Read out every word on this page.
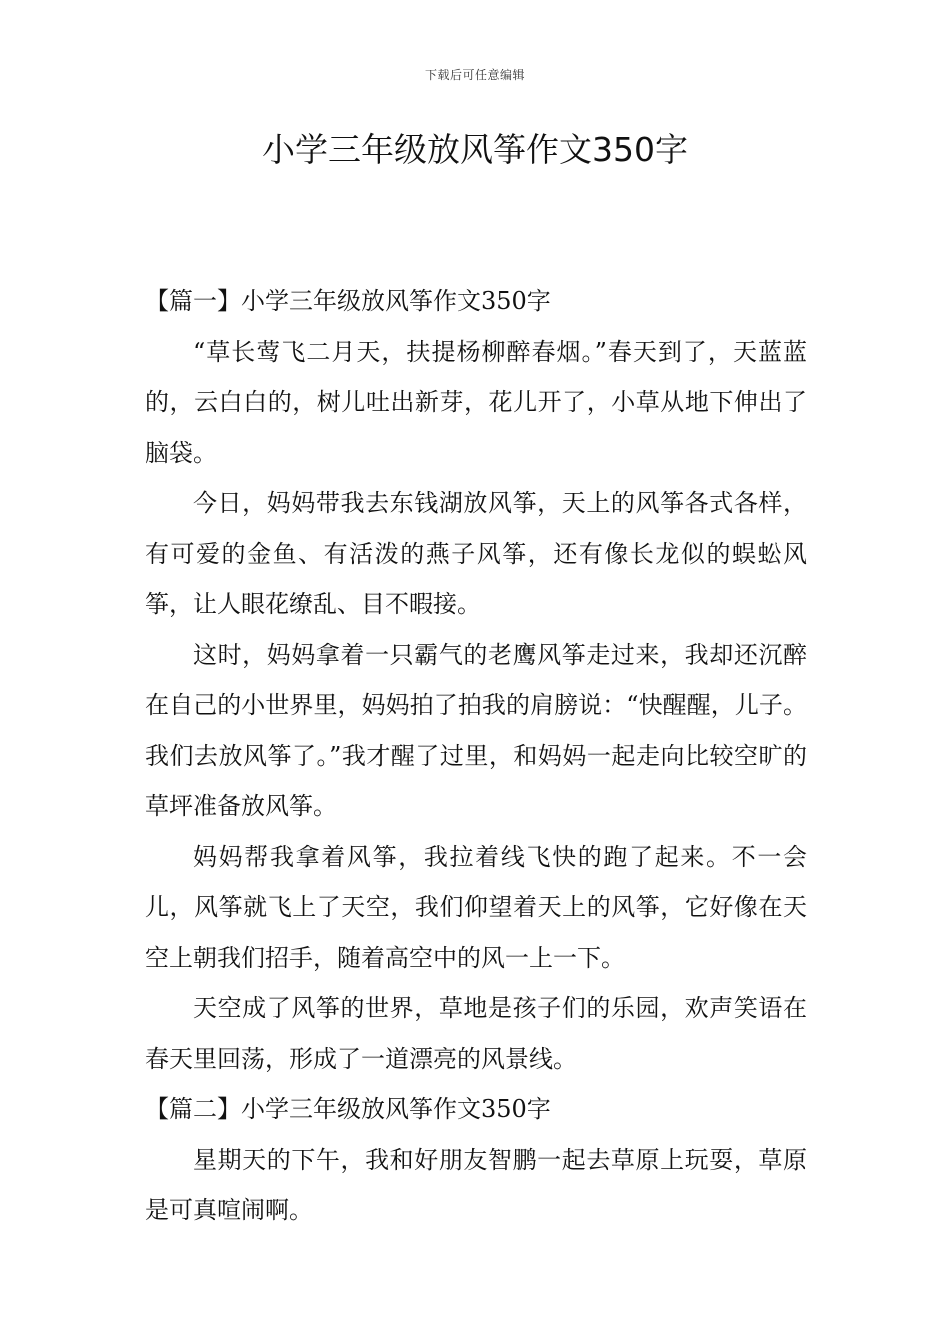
下载后可任意编辑
小学三年级放风筝作文350字

【篇一】小学三年级放风筝作文350字

“草长莺飞二月天，扶提杨柳醉春烟。”春天到了，天蓝蓝的，云白白的，树儿吐出新芽，花儿开了，小草从地下伸出了脑袋。

今日，妈妈带我去东钱湖放风筝，天上的风筝各式各样，有可爱的金鱼、有活泼的燕子风筝，还有像长龙似的蜈蚣风筝，让人眼花缭乱、目不暇接。

这时，妈妈拿着一只霸气的老鹰风筝走过来，我却还沉醉在自己的小世界里，妈妈拍了拍我的肩膀说：“快醒醒，儿子。我们去放风筝了。”我才醒了过里，和妈妈一起走向比较空旷的草坪准备放风筝。

妈妈帮我拿着风筝，我拉着线飞快的跑了起来。不一会儿，风筝就飞上了天空，我们仰望着天上的风筝，它好像在天空上朝我们招手，随着高空中的风一上一下。

天空成了风筝的世界，草地是孩子们的乐园，欢声笑语在春天里回荡，形成了一道漂亮的风景线。

【篇二】小学三年级放风筝作文350字

星期天的下午，我和好朋友智鹏一起去草原上玩耍，草原是可真喧闹啊。
